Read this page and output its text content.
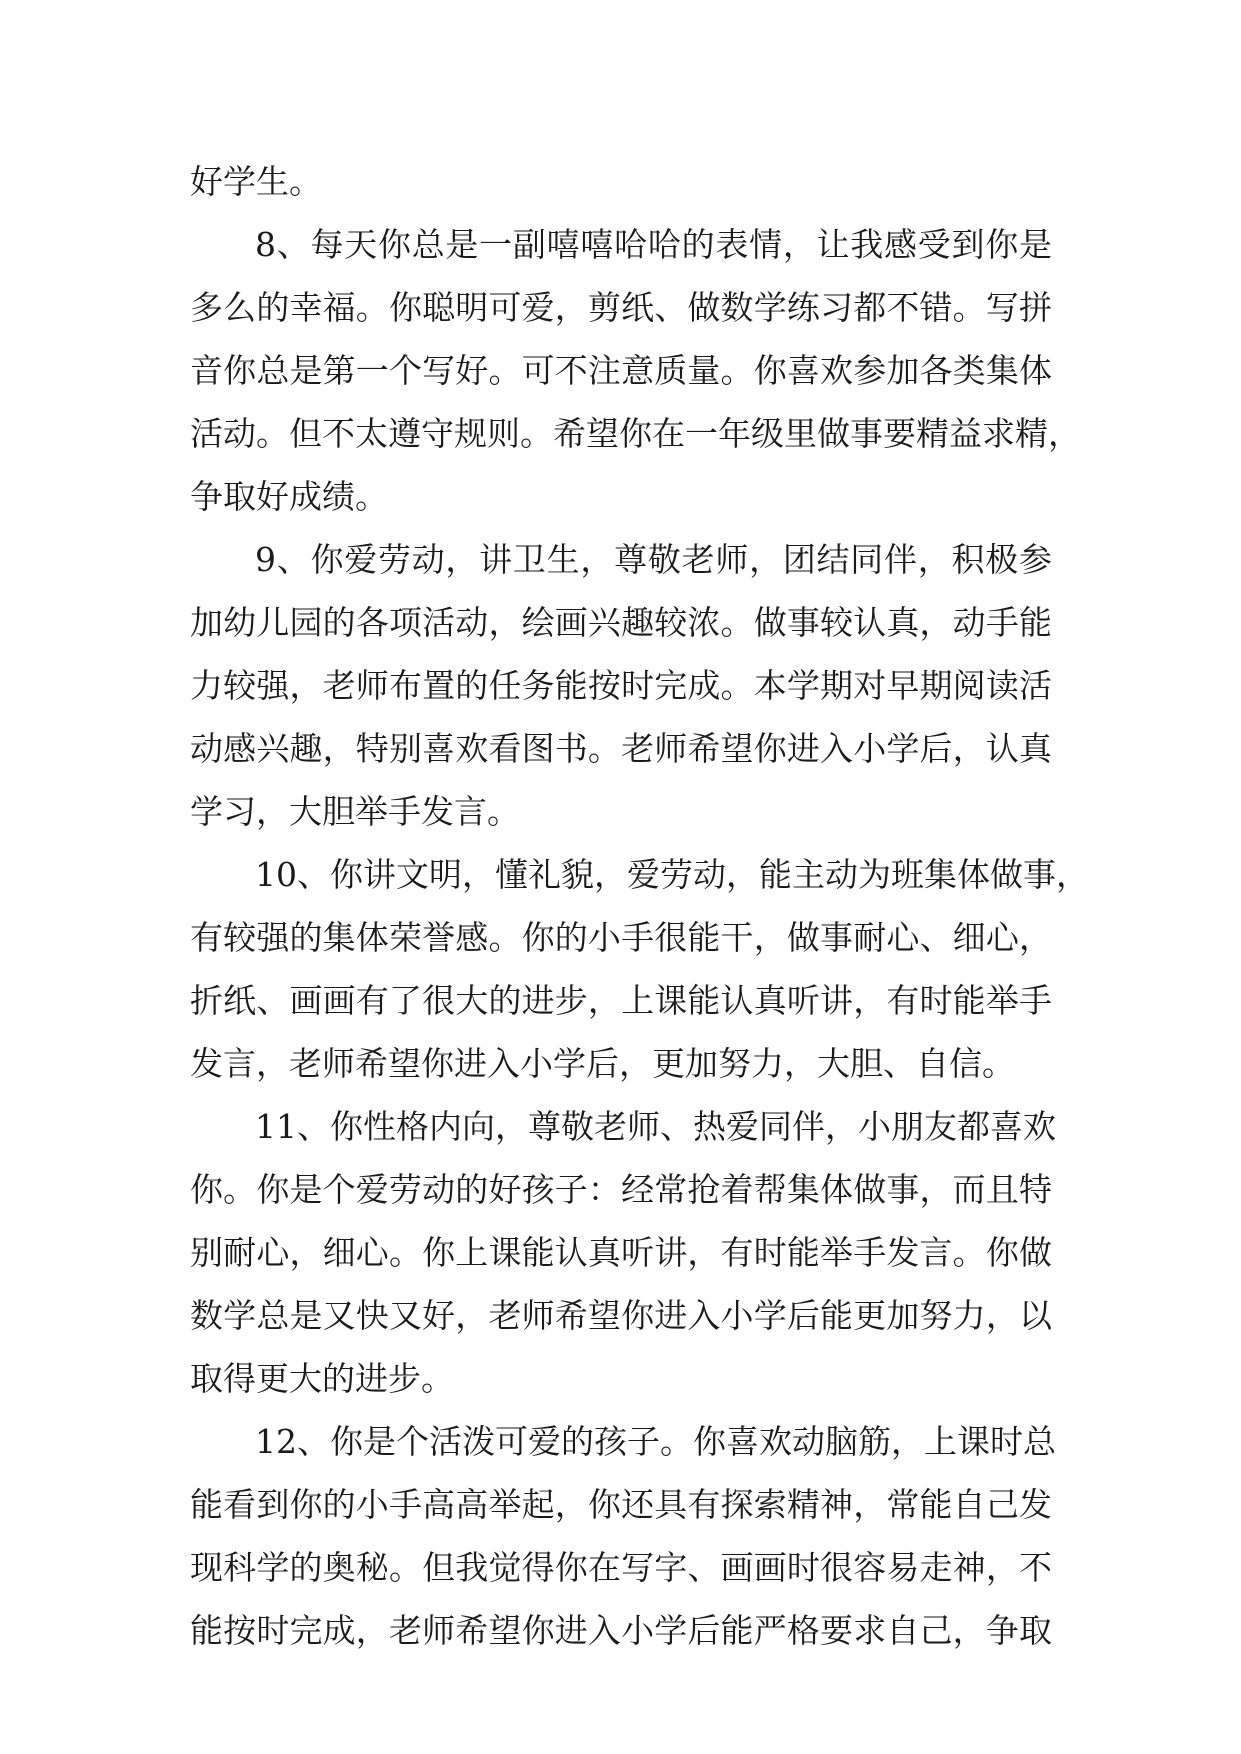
好学生。
8、每天你总是一副嘻嘻哈哈的表情，让我感受到你是
多么的幸福。你聪明可爱，剪纸、做数学练习都不错。写拼
音你总是第一个写好。可不注意质量。你喜欢参加各类集体
活动。但不太遵守规则。希望你在一年级里做事要精益求精，
争取好成绩。
9、你爱劳动，讲卫生，尊敬老师，团结同伴，积极参
加幼儿园的各项活动，绘画兴趣较浓。做事较认真，动手能
力较强，老师布置的任务能按时完成。本学期对早期阅读活
动感兴趣，特别喜欢看图书。老师希望你进入小学后，认真
学习，大胆举手发言。
10、你讲文明，懂礼貌，爱劳动，能主动为班集体做事，
有较强的集体荣誉感。你的小手很能干，做事耐心、细心，
折纸、画画有了很大的进步，上课能认真听讲，有时能举手
发言，老师希望你进入小学后，更加努力，大胆、自信。
11、你性格内向，尊敬老师、热爱同伴，小朋友都喜欢
你。你是个爱劳动的好孩子：经常抢着帮集体做事，而且特
别耐心，细心。你上课能认真听讲，有时能举手发言。你做
数学总是又快又好，老师希望你进入小学后能更加努力，以
取得更大的进步。
12、你是个活泼可爱的孩子。你喜欢动脑筋，上课时总
能看到你的小手高高举起，你还具有探索精神，常能自己发
现科学的奥秘。但我觉得你在写字、画画时很容易走神，不
能按时完成，老师希望你进入小学后能严格要求自己，争取
